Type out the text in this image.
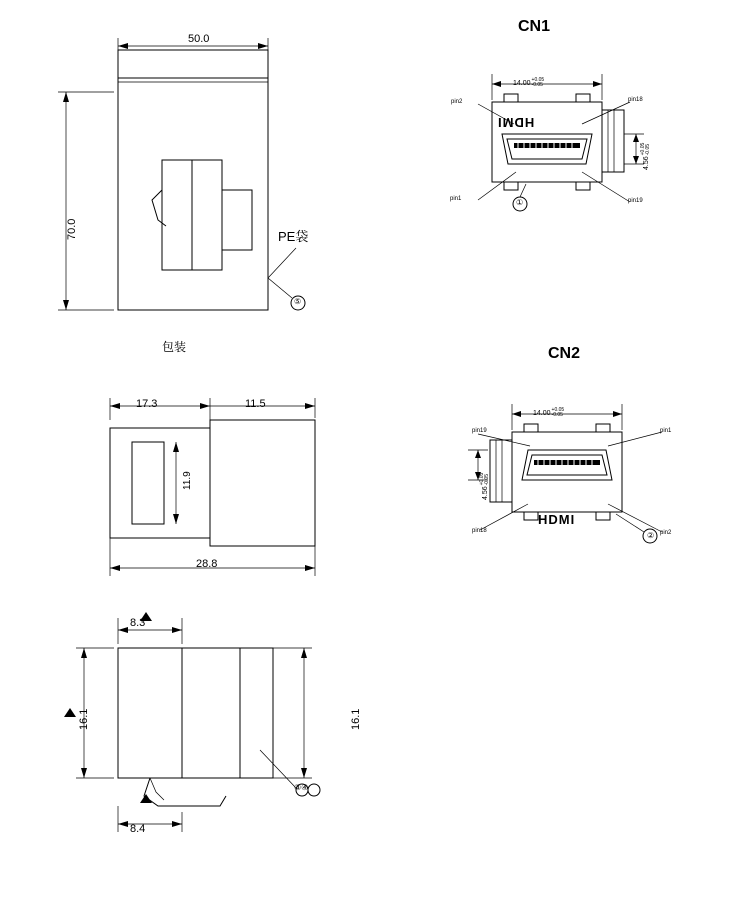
50.0
70.0	PE袋
⑤
包装
17.3	11.5
11.9
28.8
8.3
8.4
16.1	16.1
③④
CN1
14.00 +0.05
-0.05
4.56
+0.05 -0.05
pin2	pin18
pin1	pin19
HDMI
①
CN2
14.00 +0.05
-0.05
4.56
+0.05 -0.05
pin19	pin1
pin18	pin2
HDMI
②
